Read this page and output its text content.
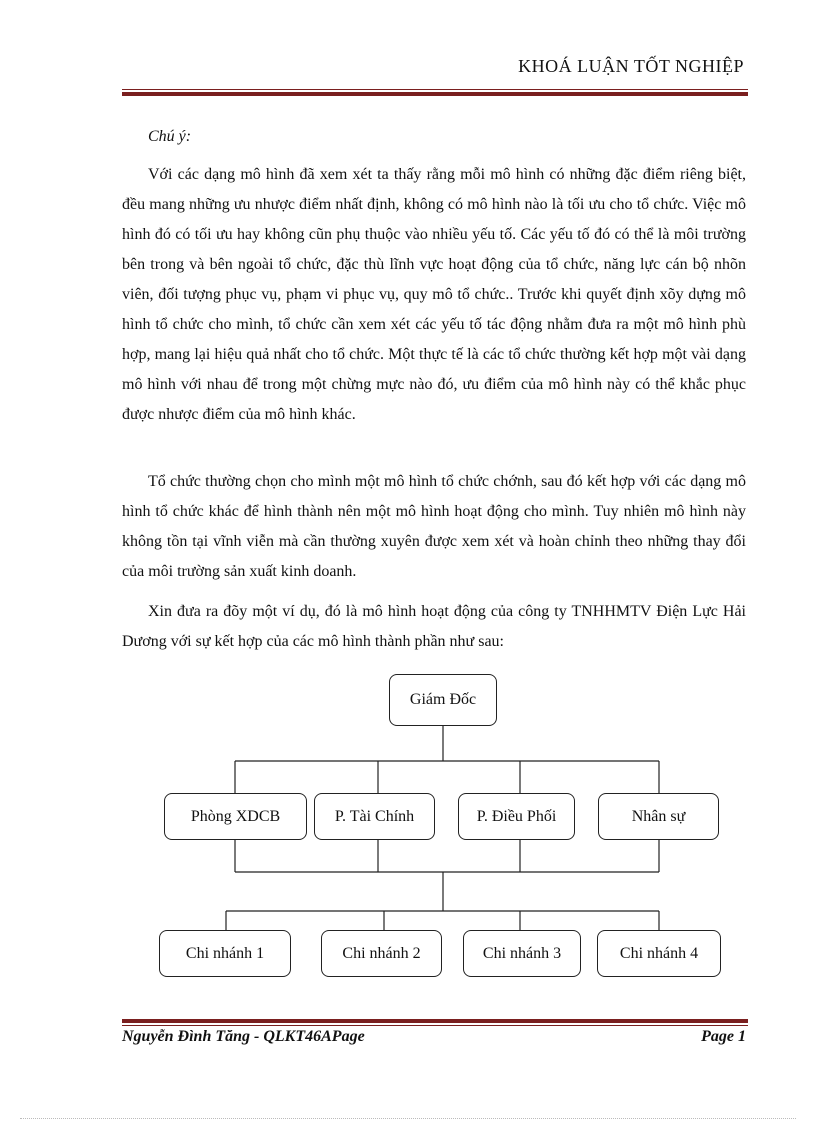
KHOÁ LUẬN TỐT NGHIỆP
Chú ý:

Với các dạng mô hình đã xem xét ta thấy rằng mỗi mô hình có những đặc điểm riêng biệt, đều mang những ưu nhược điểm nhất định, không có mô hình nào là tối ưu cho tổ chức. Việc mô hình đó có tối ưu hay không cũn phụ thuộc vào nhiều yếu tố. Các yếu tố đó có thể là môi trường bên trong và bên ngoài tổ chức, đặc thù lĩnh vực hoạt động của tổ chức, năng lực cán bộ nhõn viên, đối tượng phục vụ, phạm vi phục vụ, quy mô tổ chức.. Trước khi quyết định xõy dựng mô hình tổ chức cho mình, tổ chức cần xem xét các yếu tố tác động nhằm đưa ra một mô hình phù hợp, mang lại hiệu quả nhất cho tổ chức. Một thực tế là các tổ chức thường kết hợp một vài dạng mô hình với nhau để trong một chừng mực nào đó, ưu điểm của mô hình này có thể khắc phục được nhược điểm của mô hình khác.

Tổ chức thường chọn cho mình một mô hình tổ chức chớnh, sau đó kết hợp với các dạng mô hình tổ chức khác để hình thành nên một mô hình hoạt động cho mình. Tuy nhiên mô hình này không tồn tại vĩnh viễn mà cần thường xuyên được xem xét và hoàn chỉnh theo những thay đổi của môi trường sản xuất kinh doanh.

Xin đưa ra đõy một ví dụ, đó là mô hình hoạt động của công ty TNHHMTV Điện Lực Hải Dương với sự kết hợp của các mô hình thành phần như sau:

Giám Đốc
Phòng XDCB	P. Tài Chính	P. Điều Phối	Nhân sự
Chi nhánh 1	Chi nhánh 2	Chi nhánh 3	Chi nhánh 4
Nguyễn Đình Tăng - QLKT46APage	Page 1
